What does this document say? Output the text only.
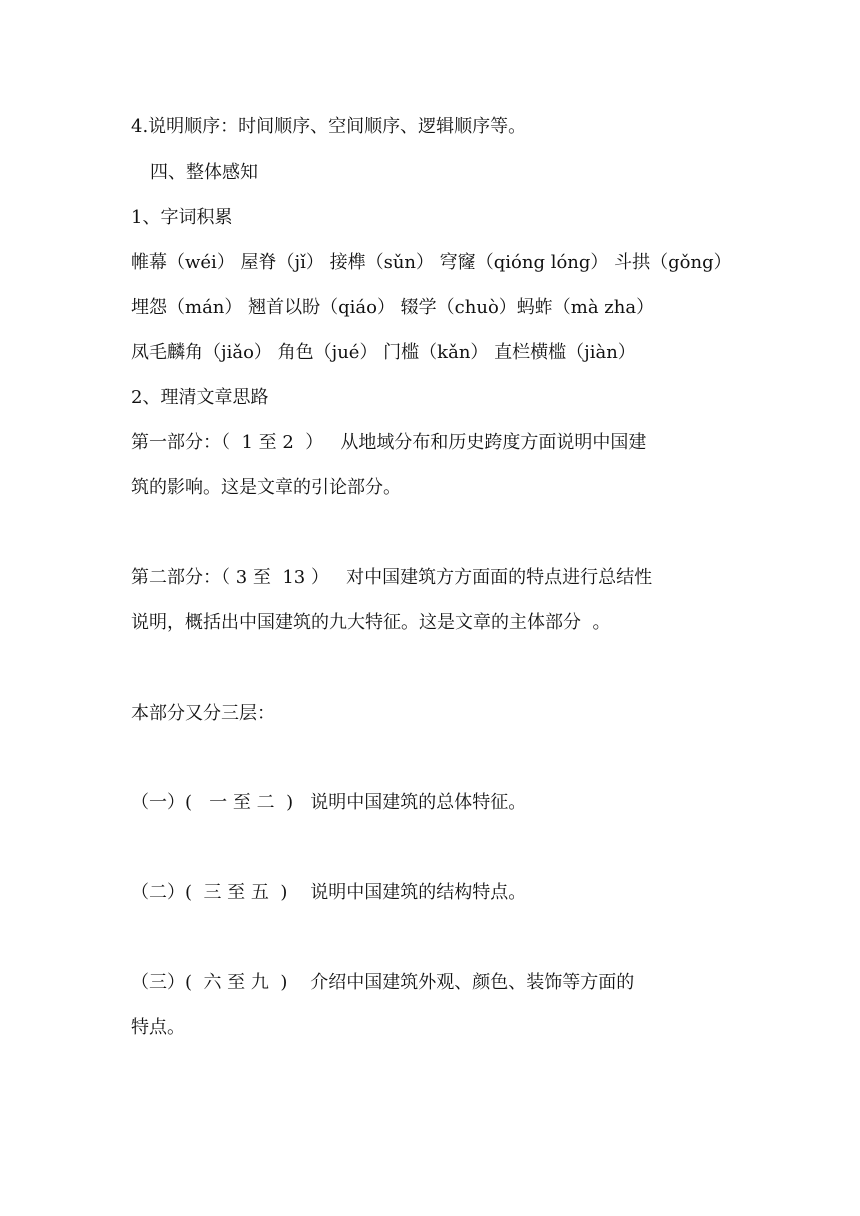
4.说明顺序：时间顺序、空间顺序、逻辑顺序等。
四、整体感知
1、字词积累
帷幕（wéi） 屋脊（jǐ） 接榫（sǔn） 穹窿（qióng lóng） 斗拱（gǒng）
埋怨（mán） 翘首以盼（qiáo） 辍学（chuò）蚂蚱（mà zha）
凤毛麟角（jiǎo） 角色（jué） 门槛（kǎn） 直栏横槛（jiàn）
2、理清文章思路
第一部分：（  1 至 2  ）   从地域分布和历史跨度方面说明中国建
筑的影响。这是文章的引论部分。
第二部分：（ 3 至  13 ）   对中国建筑方方面面的特点进行总结性
说明，概括出中国建筑的九大特征。这是文章的主体部分  。
本部分又分三层：
（一）(   一 至 二  )   说明中国建筑的总体特征。
（二）(  三 至 五  )    说明中国建筑的结构特点。
（三）(  六 至 九  )    介绍中国建筑外观、颜色、装饰等方面的
特点。
